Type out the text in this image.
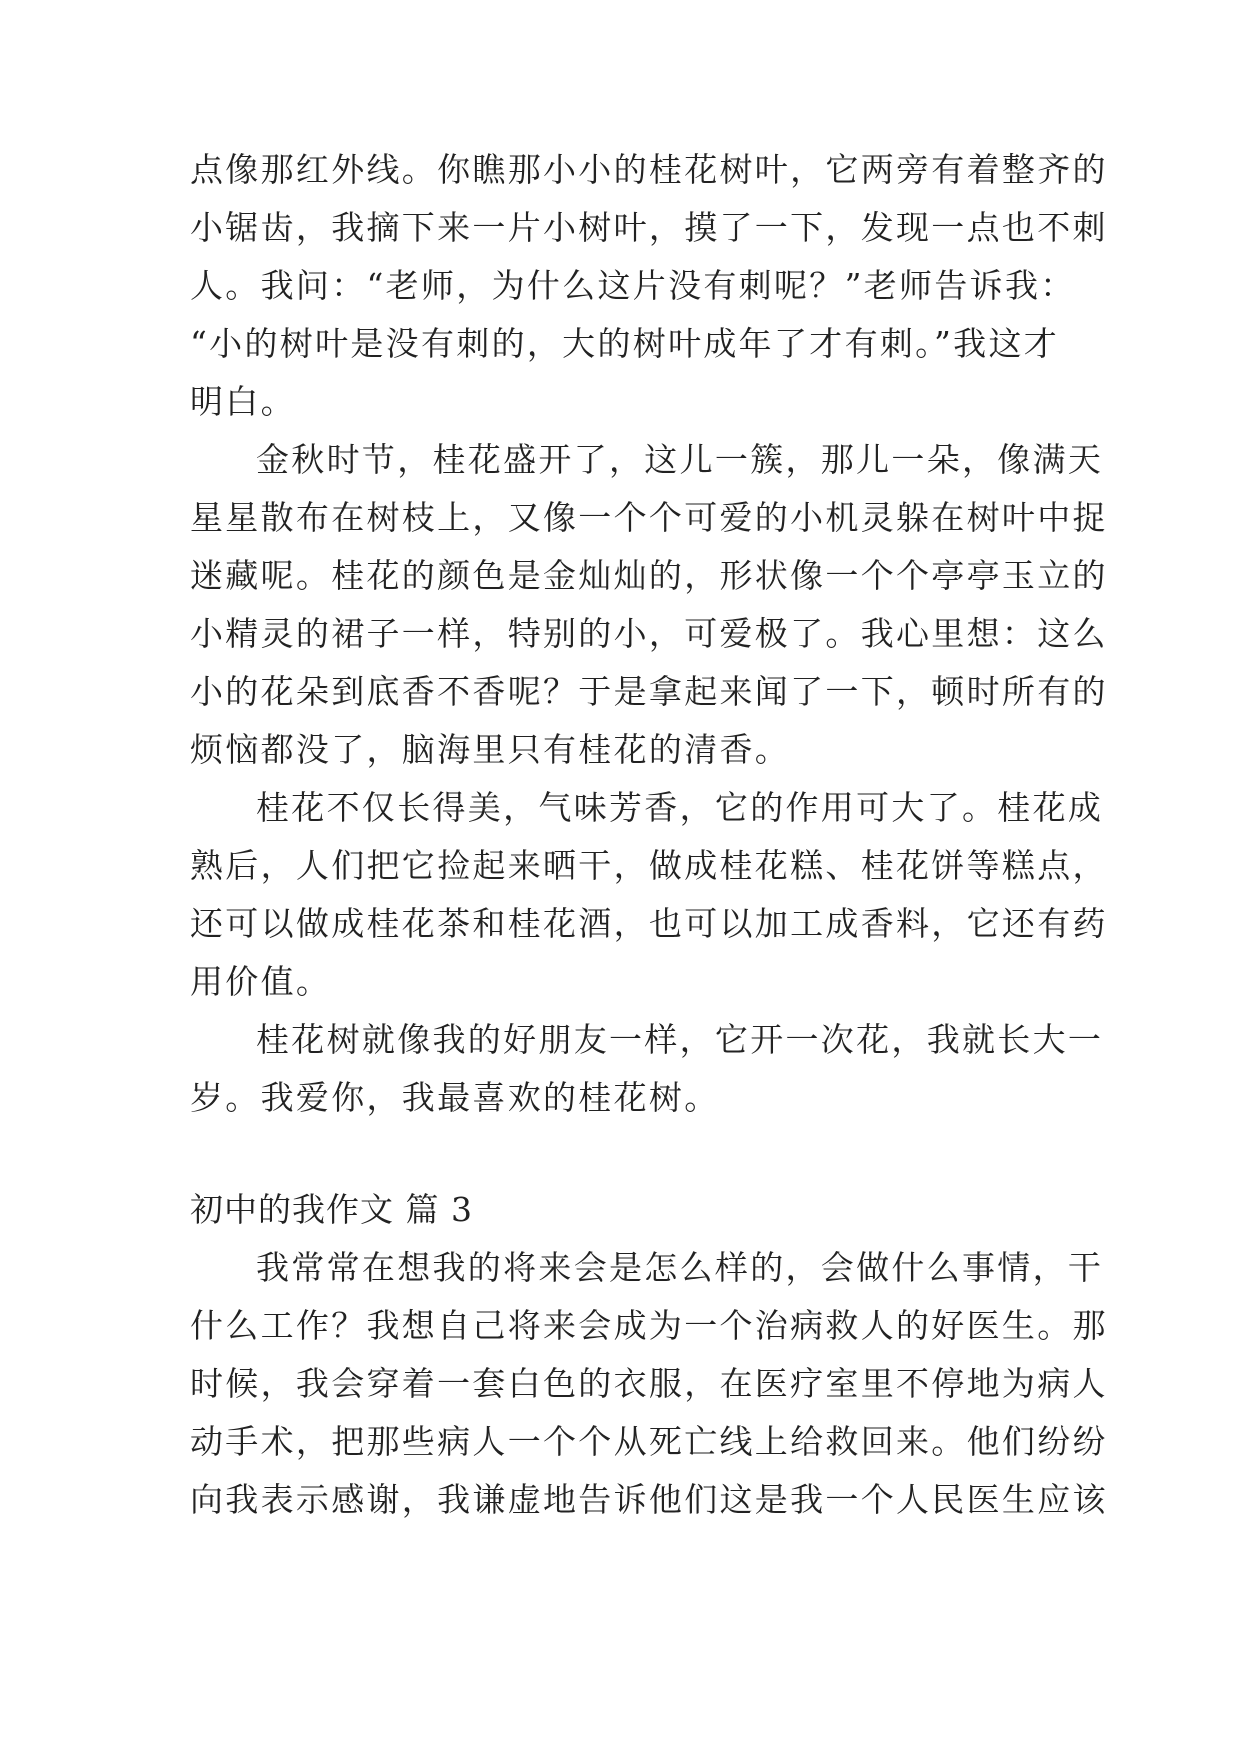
点像那红外线。你瞧那小小的桂花树叶，它两旁有着整齐的
小锯齿，我摘下来一片小树叶，摸了一下，发现一点也不刺
人。我问：“老师，为什么这片没有刺呢？”老师告诉我：
“小的树叶是没有刺的，大的树叶成年了才有刺。”我这才
明白。
金秋时节，桂花盛开了，这儿一簇，那儿一朵，像满天
星星散布在树枝上，又像一个个可爱的小机灵躲在树叶中捉
迷藏呢。桂花的颜色是金灿灿的，形状像一个个亭亭玉立的
小精灵的裙子一样，特别的小，可爱极了。我心里想：这么
小的花朵到底香不香呢？于是拿起来闻了一下，顿时所有的
烦恼都没了，脑海里只有桂花的清香。
桂花不仅长得美，气味芳香，它的作用可大了。桂花成
熟后，人们把它捡起来晒干，做成桂花糕、桂花饼等糕点，
还可以做成桂花茶和桂花酒，也可以加工成香料，它还有药
用价值。
桂花树就像我的好朋友一样，它开一次花，我就长大一
岁。我爱你，我最喜欢的桂花树。
初中的我作文 篇 3
我常常在想我的将来会是怎么样的，会做什么事情，干
什么工作？我想自己将来会成为一个治病救人的好医生。那
时候，我会穿着一套白色的衣服，在医疗室里不停地为病人
动手术，把那些病人一个个从死亡线上给救回来。他们纷纷
向我表示感谢，我谦虚地告诉他们这是我一个人民医生应该
